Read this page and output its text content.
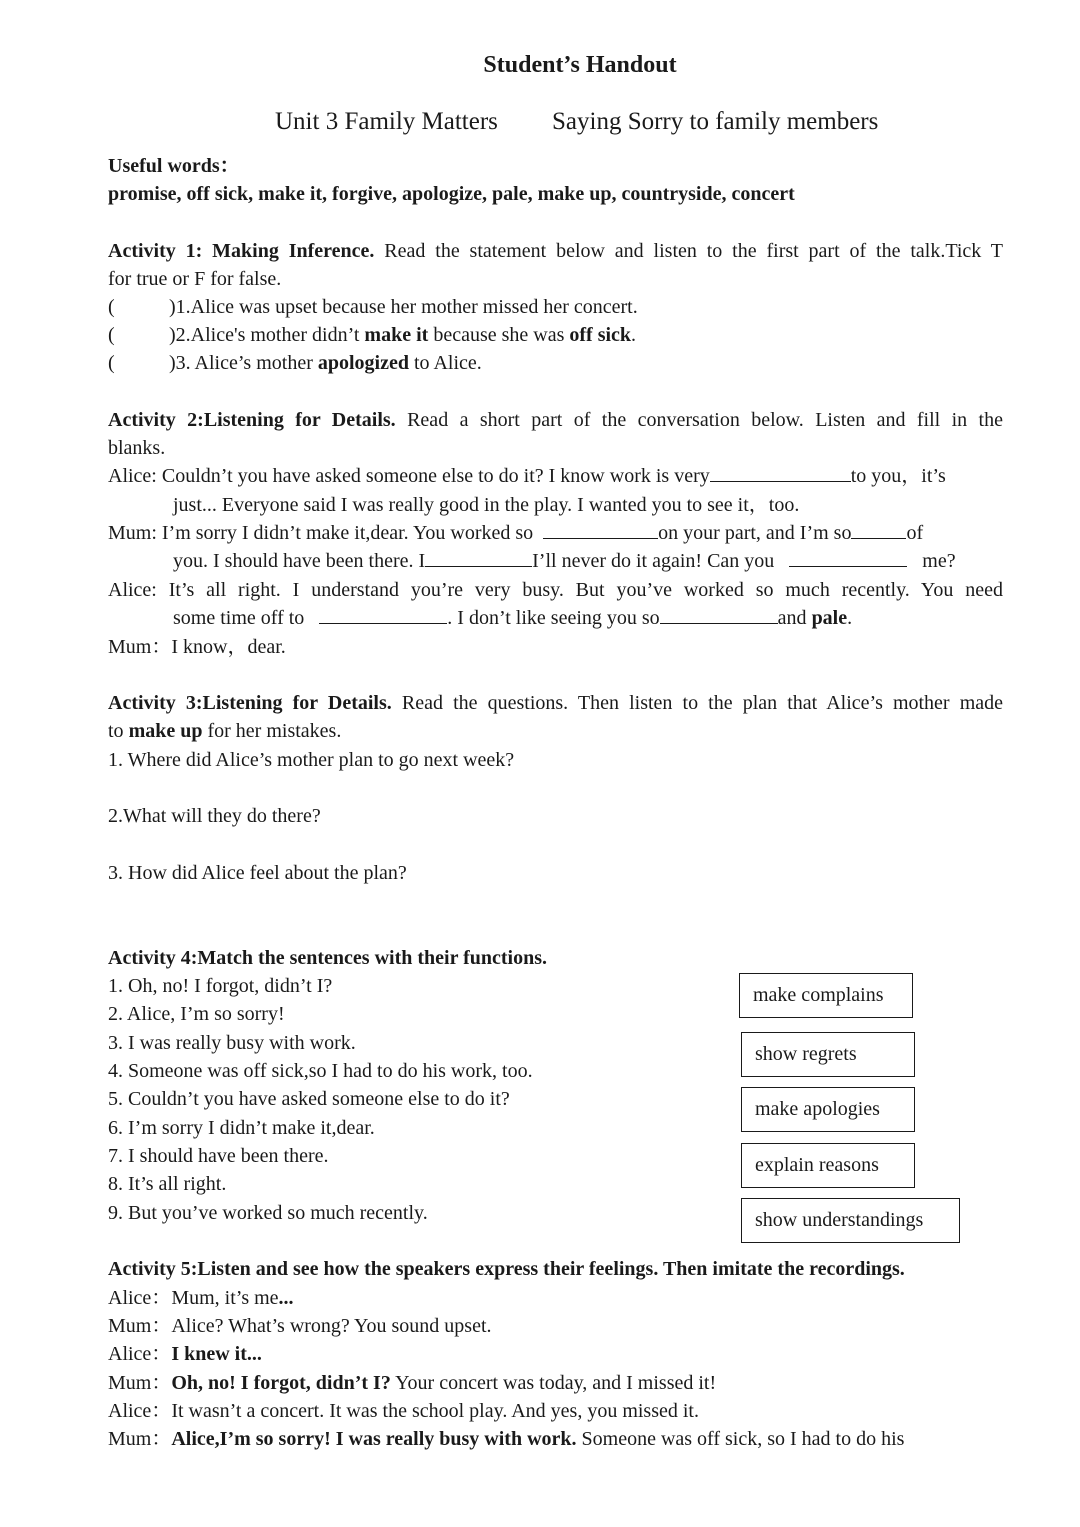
Student’s Handout
Unit 3 Family Matters Saying Sorry to family members
Useful words：
promise, off sick, make it, forgive, apologize, pale, make up, countryside, concert
Activity 1: Making Inference. Read the statement below and listen to the first part of the talk.Tick T
for true or F for false.
(	)1.Alice was upset because her mother missed her concert.
(	)2.Alice's mother didn’t make it because she was off sick.
(	)3. Alice’s mother apologized to Alice.
Activity 2:Listening for Details. Read a short part of the conversation below. Listen and fill in the
blanks.
Alice: Couldn’t you have asked someone else to do it? I know work is very	to you，it’s
just... Everyone said I was really good in the play. I wanted you to see it，too.
Mum: I’m sorry I didn’t make it,dear. You worked so	on your part, and I’m so	of
you. I should have been there. I	I’ll never do it again! Can you	me?
Alice: It’s all right. I understand you’re very busy. But you’ve worked so much recently. You need
some time off to	. I don’t like seeing you so	and pale.
Mum：I know，dear.
Activity 3:Listening for Details. Read the questions. Then listen to the plan that Alice’s mother made
to make up for her mistakes.
1. Where did Alice’s mother plan to go next week?
2.What will they do there?
3. How did Alice feel about the plan?
Activity 4:Match the sentences with their functions.
1. Oh, no! I forgot, didn’t I?
2. Alice, I’m so sorry!
3. I was really busy with work.
4. Someone was off sick,so I had to do his work, too.
5. Couldn’t you have asked someone else to do it?
6. I’m sorry I didn’t make it,dear.
7. I should have been there.
8. It’s all right.
9. But you’ve worked so much recently.
make complains
show regrets
make apologies
explain reasons
show understandings
Activity 5:Listen and see how the speakers express their feelings. Then imitate the recordings.
Alice：Mum, it’s me...
Mum：Alice? What’s wrong? You sound upset.
Alice：I knew it...
Mum：Oh, no! I forgot, didn’t I? Your concert was today, and I missed it!
Alice：It wasn’t a concert. It was the school play. And yes, you missed it.
Mum：Alice,I’m so sorry! I was really busy with work. Someone was off sick, so I had to do his
